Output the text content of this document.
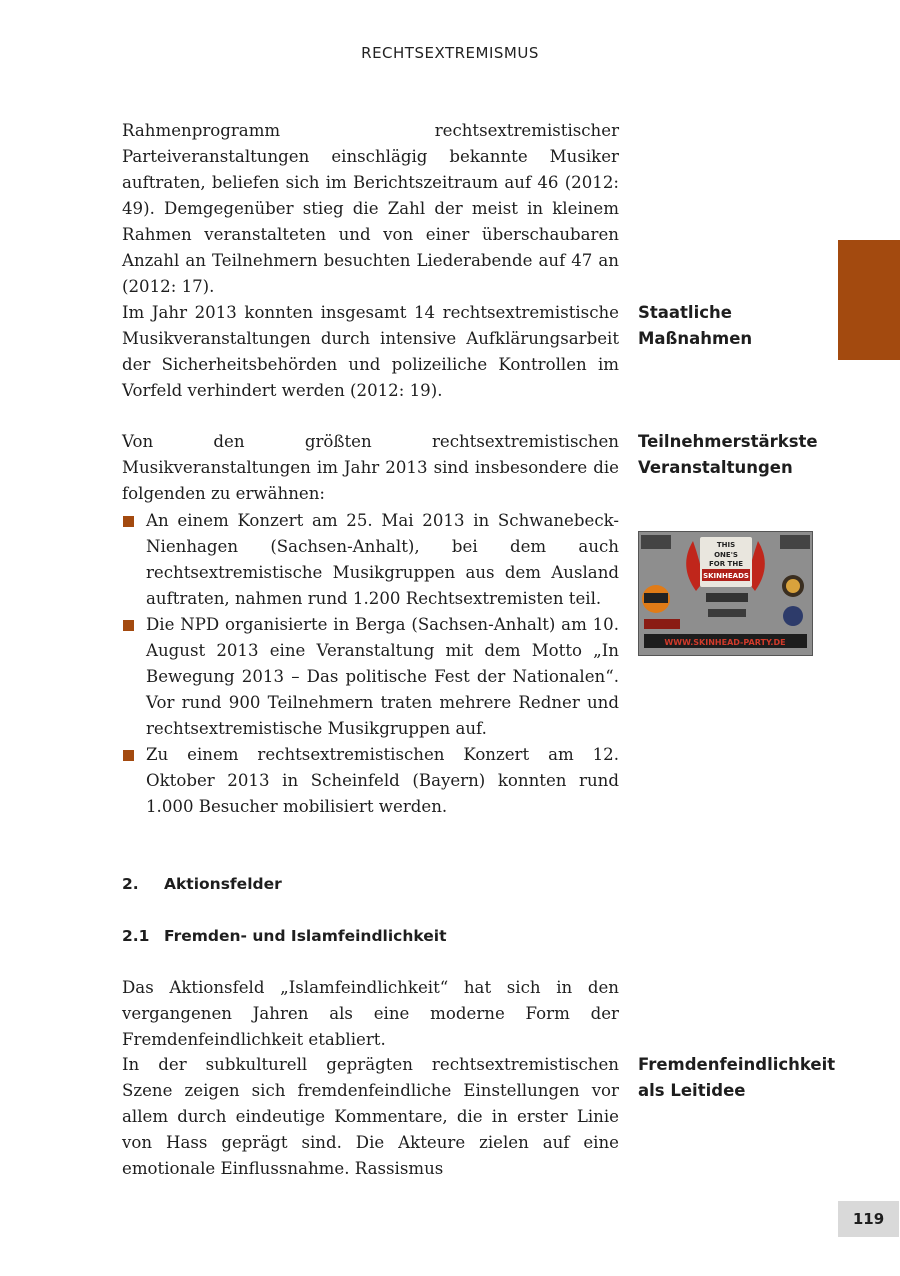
RECHTSEXTREMISMUS

Rahmenprogramm rechtsextremistischer Parteiveranstaltungen einschlägig bekannte Musiker auftraten, beliefen sich im Berichtszeitraum auf 46 (2012: 49). Demgegenüber stieg die Zahl der meist in kleinem Rahmen veranstalteten und von einer überschaubaren Anzahl an Teilnehmern besuchten Liederabende auf 47 an (2012: 17).

Im Jahr 2013 konnten insgesamt 14 rechtsextremistische Musikveranstaltungen durch intensive Aufklärungsarbeit der Sicherheitsbehörden und polizeiliche Kontrollen im Vorfeld verhindert werden (2012: 19).

Von den größten rechtsextremistischen Musikveranstaltungen im Jahr 2013 sind insbesondere die folgenden zu erwähnen:

Staatliche
Maßnahmen
Teilnehmerstärkste
Veranstaltungen
An einem Konzert am 25. Mai 2013 in Schwanebeck-Nienhagen (Sachsen-Anhalt), bei dem auch rechtsextremistische Musikgruppen aus dem Ausland auftraten, nahmen rund 1.200 Rechtsextremisten teil.
Die NPD organisierte in Berga (Sachsen-Anhalt) am 10. August 2013 eine Veranstaltung mit dem Motto „In Bewegung 2013 – Das politische Fest der Nationalen“. Vor rund 900 Teilnehmern traten mehrere Redner und rechtsextremistische Musikgruppen auf.
Zu einem rechtsextremistischen Konzert am 12. Oktober 2013 in Scheinfeld (Bayern) konnten rund 1.000 Besucher mobilisiert werden.
THIS
ONE'S
FOR THE
SKINHEADS
WWW.SKINHEAD-PARTY.DE
2. Aktionsfelder
2.1 Fremden- und Islamfeindlichkeit

Das Aktionsfeld „Islamfeindlichkeit“ hat sich in den vergangenen Jahren als eine moderne Form der Fremdenfeindlichkeit etabliert.

In der subkulturell geprägten rechtsextremistischen Szene zeigen sich fremdenfeindliche Einstellungen vor allem durch eindeutige Kommentare, die in erster Linie von Hass geprägt sind. Die Akteure zielen auf eine emotionale Einflussnahme. Rassismus

Fremdenfeindlichkeit
als Leitidee
119
